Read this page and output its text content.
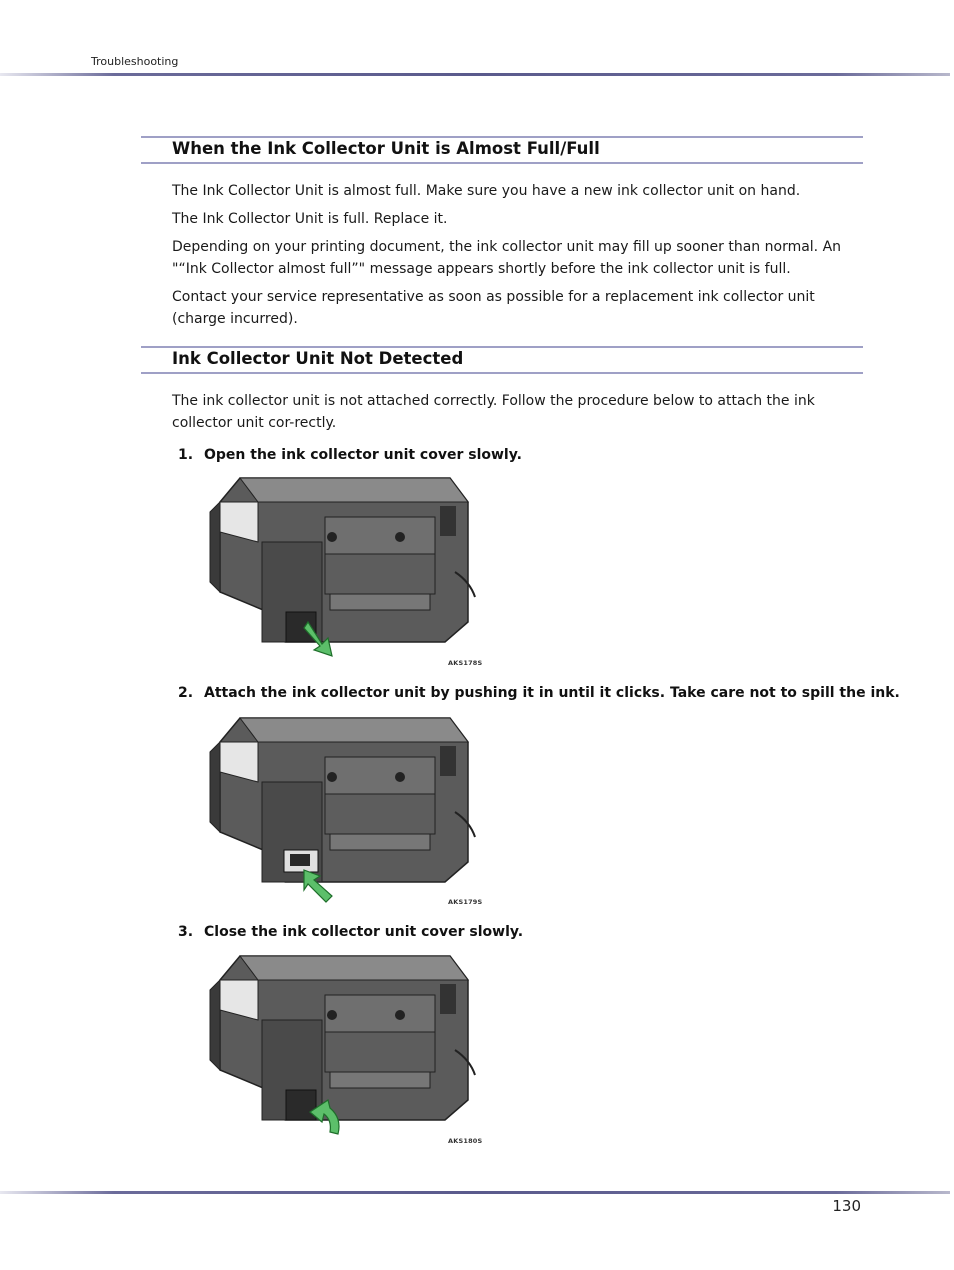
Troubleshooting
When the Ink Collector Unit is Almost Full/Full
The Ink Collector Unit is almost full. Make sure you have a new ink collector unit on hand.
The Ink Collector Unit is full. Replace it.
Depending on your printing document, the ink collector unit may fill up sooner than normal. An "“Ink Collector almost full”" message appears shortly before the ink collector unit is full.
Contact your service representative as soon as possible for a replacement ink collector unit (charge incurred).
Ink Collector Unit Not Detected
The ink collector unit is not attached correctly. Follow the procedure below to attach the ink collector unit cor-rectly.
1. Open the ink collector unit cover slowly.
AKS178S
2. Attach the ink collector unit by pushing it in until it clicks. Take care not to spill the ink.
AKS179S
3. Close the ink collector unit cover slowly.
AKS180S
130
